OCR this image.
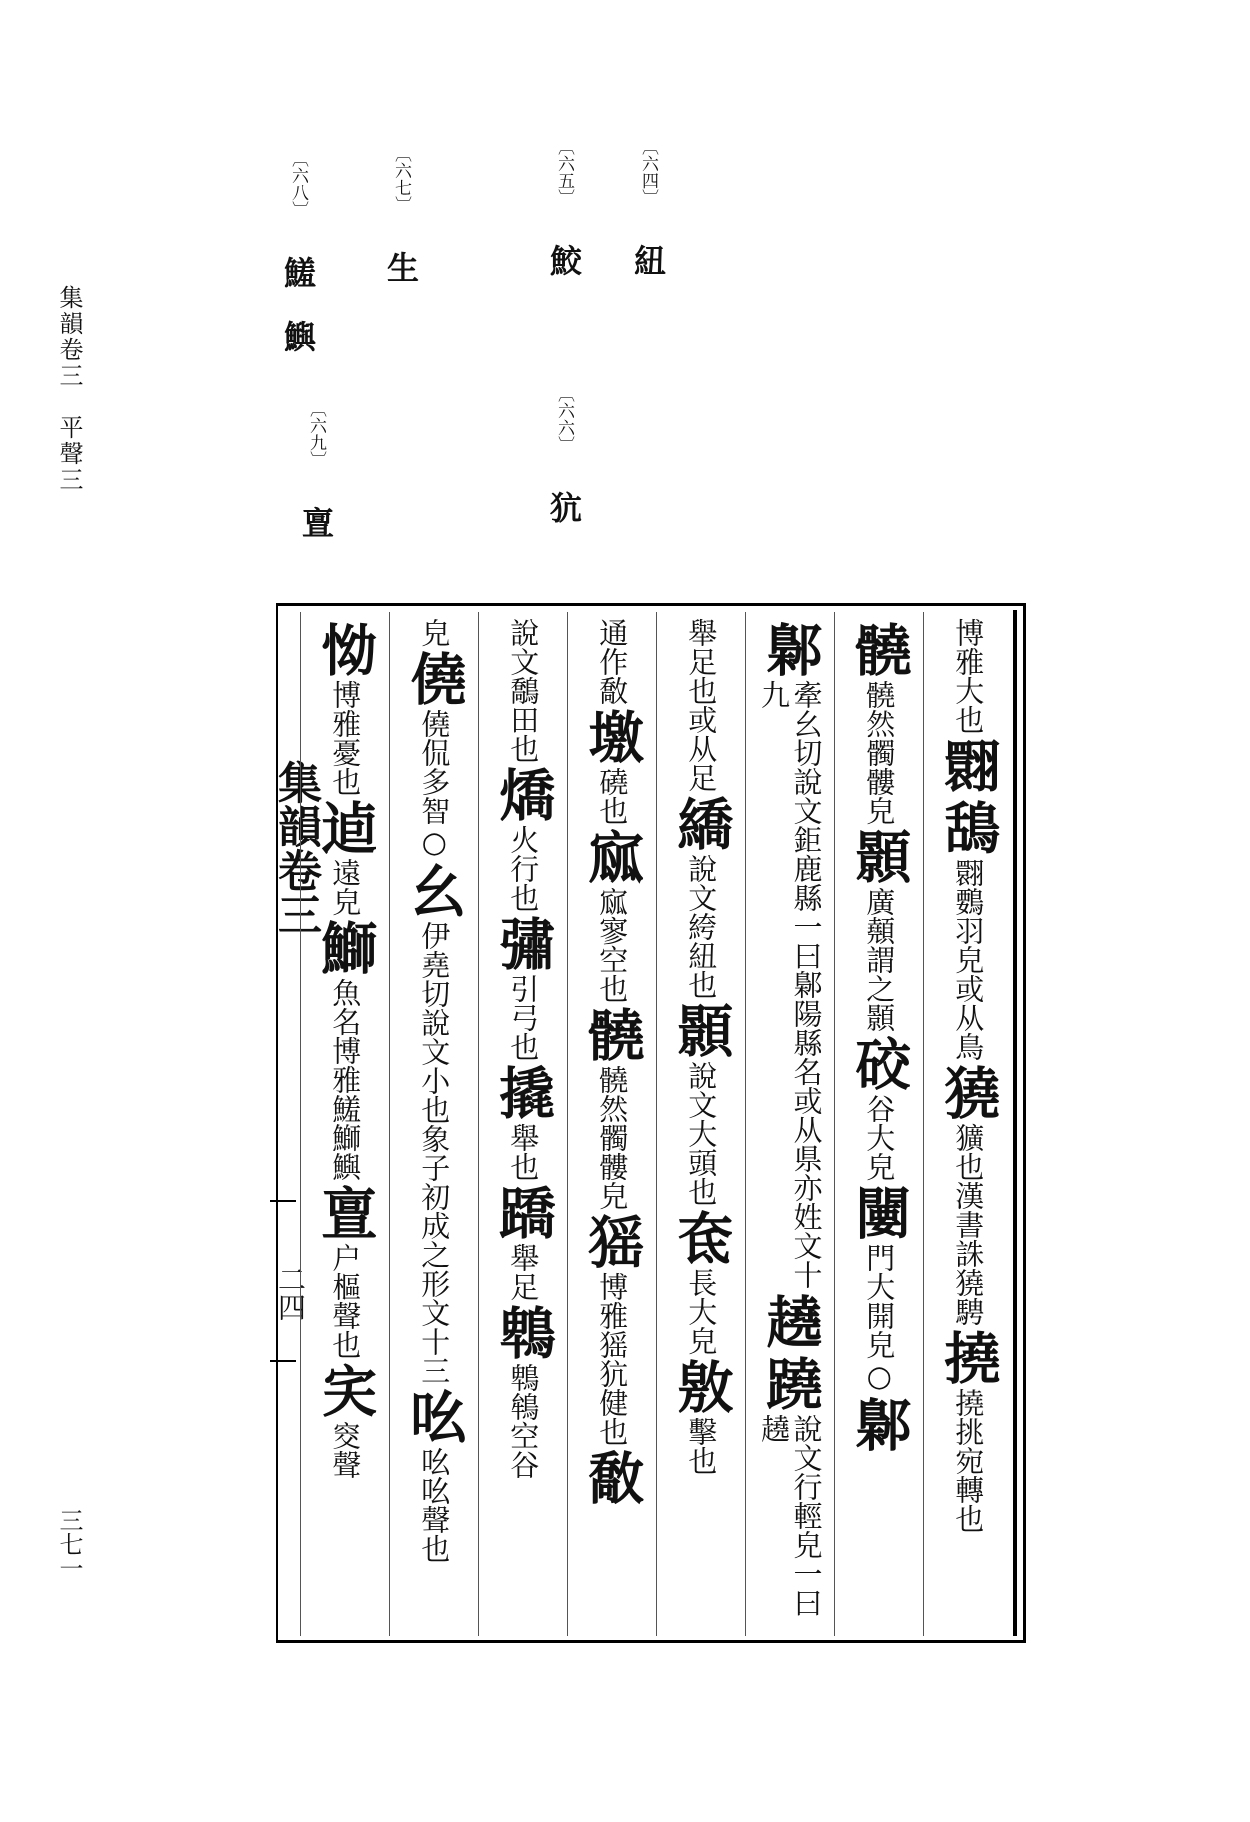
集韻卷三　平聲三
三七一
〔六四〕 紐
〔六五〕 鮫
〔六六〕 犺
〔六七〕 生
〔六八〕 鱃　鱮
〔六九〕 亶
集韻卷三
二四
博雅大也
翾
鴰
翾䳩羽皃或从鳥
獟
獷也漢書誅獟騁
撓
撓挑宛轉也
髐
髐然髑髏皃
顥
廣顤謂之顥
䂭
谷大皃
闄
門大開皃
○
鄡
鄡
牽幺切說文鉅鹿縣一曰鄡陽縣名或从県亦姓文十九
趬
蹺
說文行輕皃一曰趬
舉足也或从足
繑
說文絝紐也
顥
說文大頭也
奃
長大皃
敫
擊也
通作敿
墽
磽也
寙
寙寥空也
髐
髐然髑髏皃
猺
博雅猺犺健也
敿
說文鷮田也
燆
火行也
彇
引弓也
撬
舉也
蹻
舉足
鵯
鵯鴾空谷
皃
僥
僥侃多智
○
幺
伊堯切說文小也象子初成之形文十三
吆
吆吆聲也
怮
博雅憂也
逌
遠皃
鰤
魚名博雅鱃鰤鱮
亶
户樞聲也
宎
窔聲
